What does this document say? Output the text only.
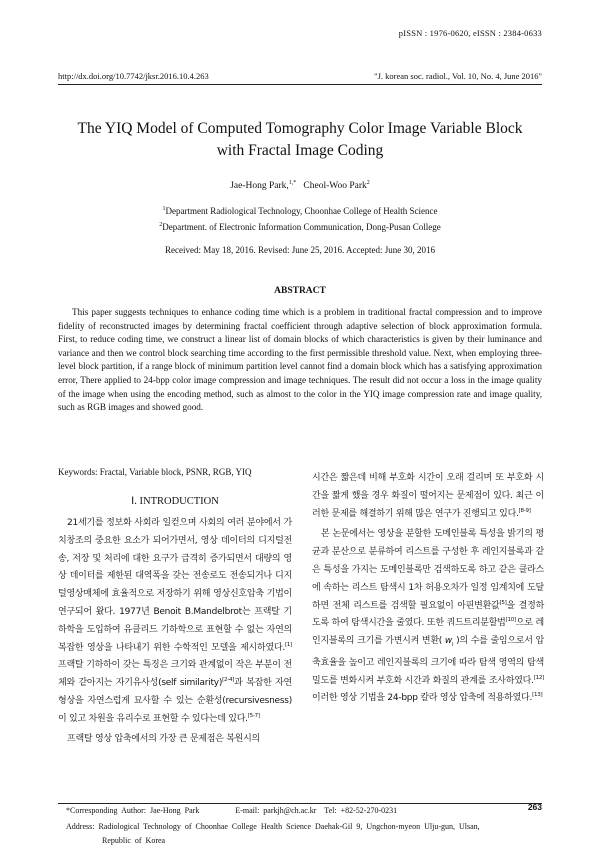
pISSN : 1976-0620, eISSN : 2384-0633
http://dx.doi.org/10.7742/jksr.2016.10.4.263	"J. korean soc. radiol., Vol. 10, No. 4, June 2016"
The YIQ Model of Computed Tomography Color Image Variable Block
with Fractal Image Coding
Jae-Hong Park,$^{1,*}$ Cheol-Woo Park$^2$
$^1$Department Radiological Technology, Choonhae College of Health Science
$^2$Department. of Electronic Information Communication, Dong-Pusan College
Received: May 18, 2016. Revised: June 25, 2016. Accepted: June 30, 2016
ABSTRACT
This paper suggests techniques to enhance coding time which is a problem in traditional fractal compression and to improve fidelity of reconstructed images by determining fractal coefficient through adaptive selection of block approximation formula. First, to reduce coding time, we construct a linear list of domain blocks of which characteristics is given by their luminance and variance and then we control block searching time according to the first permissible threshold value. Next, when employing three-level block partition, if a range block of minimum partition level cannot find a domain block which has a satisfying approximation error, There applied to 24-bpp color image compression and image techniques. The result did not occur a loss in the image quality of the image when using the encoding method, such as almost to the color in the YIQ image compression rate and image quality, such as RGB images and showed good.
Keywords: Fractal, Variable block, PSNR, RGB, YIQ
Ⅰ. INTRODUCTION

21세기를 정보화 사회라 일컫으며 사회의 여러 분야에서 가치창조의 중요한 요소가 되어가면서, 영상 데이터의 디지털전송, 저장 및 처리에 대한 요구가 급격히 증가되면서 대량의 영상 데이터를 제한된 대역폭을 갖는 전송로도 전송되거나 디지털영상매체에 효율적으로 저장하기 위해 영상신호압축 기법이 연구되어 왔다. 1977년 Benoit B.Mandelbrot는 프랙탈 기하학을 도입하여 유클리드 기하학으로 표현할 수 없는 자연의 복잡한 영상을 나타내기 위한 수학적인 모델을 제시하였다.[1] 프랙탈 기하하이 갖는 특징은 크기와 관계없이 작은 부분이 전체와 같아지는 자기유사성(self similarity)[2-4]과 복잡한 자연 형상을 자연스럽게 묘사할 수 있는 순환성(recursivesness)이 있고 차원을 유리수로 표현할 수 있다는데 있다.[5-7]

프랙탈 영상 압축에서의 가장 큰 문제점은 복원시의

시간은 짧은데 비해 부호화 시간이 오래 걸리며 또 부호화 시간을 짧게 했을 경우 화질이 떨어지는 문제점이 있다. 최근 이러한 문제를 해결하기 위해 많은 연구가 진행되고 있다.[8-9]

본 논문에서는 영상을 분할한 도메인블록 특성을 밝기의 평균과 분산으로 분류하여 리스트를 구성한 후 레인지블록과 같은 특성을 가지는 도메인블록만 검색하도록 하고 같은 클라스에 속하는 리스트 탐색시 1차 허용오차가 일정 임계치에 도달하면 전체 리스트를 검색할 필요없이 아핀변환값[5]을 결정하도록 하여 탐색시간을 줄였다. 또한 쿼드트리분할법[10]으로 레인지블록의 크기를 가변시켜 변환( $w_i$ )의 수를 줄임으로서 압축효율을 높이고 레인지블록의 크기에 따라 탐색 영역의 탐색 밀도를 변화시켜 부호화 시간과 화질의 관계를 조사하였다.[12] 이러한 영상 기법을 24-bpp 칼라 영상 압축에 적용하였다.[13]

*Corresponding  Author:  Jae-Hong  Park                  E-mail:  parkjh@ch.ac.kr    Tel:  +82-52-270-0231	263
Address:  Radiological  Technology  of  Choonhae  College  Health  Science  Daehak-Gil  9,  Ungchon-myeon  Ulju-gun,  Ulsan,
Republic  of  Korea
